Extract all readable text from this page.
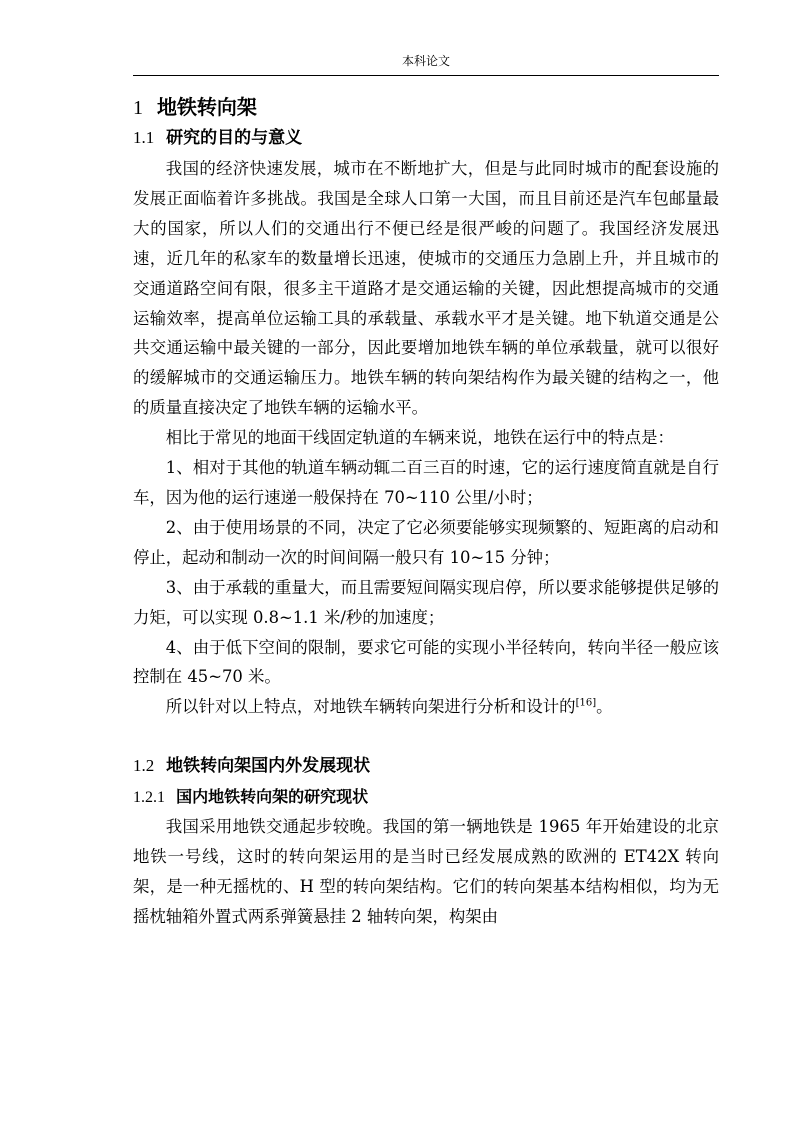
本科论文
1 地铁转向架
1.1 研究的目的与意义

我国的经济快速发展，城市在不断地扩大，但是与此同时城市的配套设施的发展正面临着许多挑战。我国是全球人口第一大国，而且目前还是汽车包邮量最大的国家，所以人们的交通出行不便已经是很严峻的问题了。我国经济发展迅速，近几年的私家车的数量增长迅速，使城市的交通压力急剧上升，并且城市的交通道路空间有限，很多主干道路才是交通运输的关键，因此想提高城市的交通运输效率，提高单位运输工具的承载量、承载水平才是关键。地下轨道交通是公共交通运输中最关键的一部分，因此要增加地铁车辆的单位承载量，就可以很好的缓解城市的交通运输压力。地铁车辆的转向架结构作为最关键的结构之一，他的质量直接决定了地铁车辆的运输水平。

相比于常见的地面干线固定轨道的车辆来说，地铁在运行中的特点是：

1、相对于其他的轨道车辆动辄二百三百的时速，它的运行速度简直就是自行车，因为他的运行速递一般保持在 70~110 公里/小时；

2、由于使用场景的不同，决定了它必须要能够实现频繁的、短距离的启动和停止，起动和制动一次的时间间隔一般只有 10~15 分钟；

3、由于承载的重量大，而且需要短间隔实现启停，所以要求能够提供足够的力矩，可以实现 0.8~1.1 米/秒的加速度；

4、由于低下空间的限制，要求它可能的实现小半径转向，转向半径一般应该控制在 45~70 米。

所以针对以上特点，对地铁车辆转向架进行分析和设计的[16]。

1.2 地铁转向架国内外发展现状
1.2.1 国内地铁转向架的研究现状

我国采用地铁交通起步较晚。我国的第一辆地铁是 1965 年开始建设的北京地铁一号线，这时的转向架运用的是当时已经发展成熟的欧洲的 ET42X 转向架，是一种无摇枕的、H 型的转向架结构。它们的转向架基本结构相似，均为无摇枕轴箱外置式两系弹簧悬挂 2 轴转向架，构架由
